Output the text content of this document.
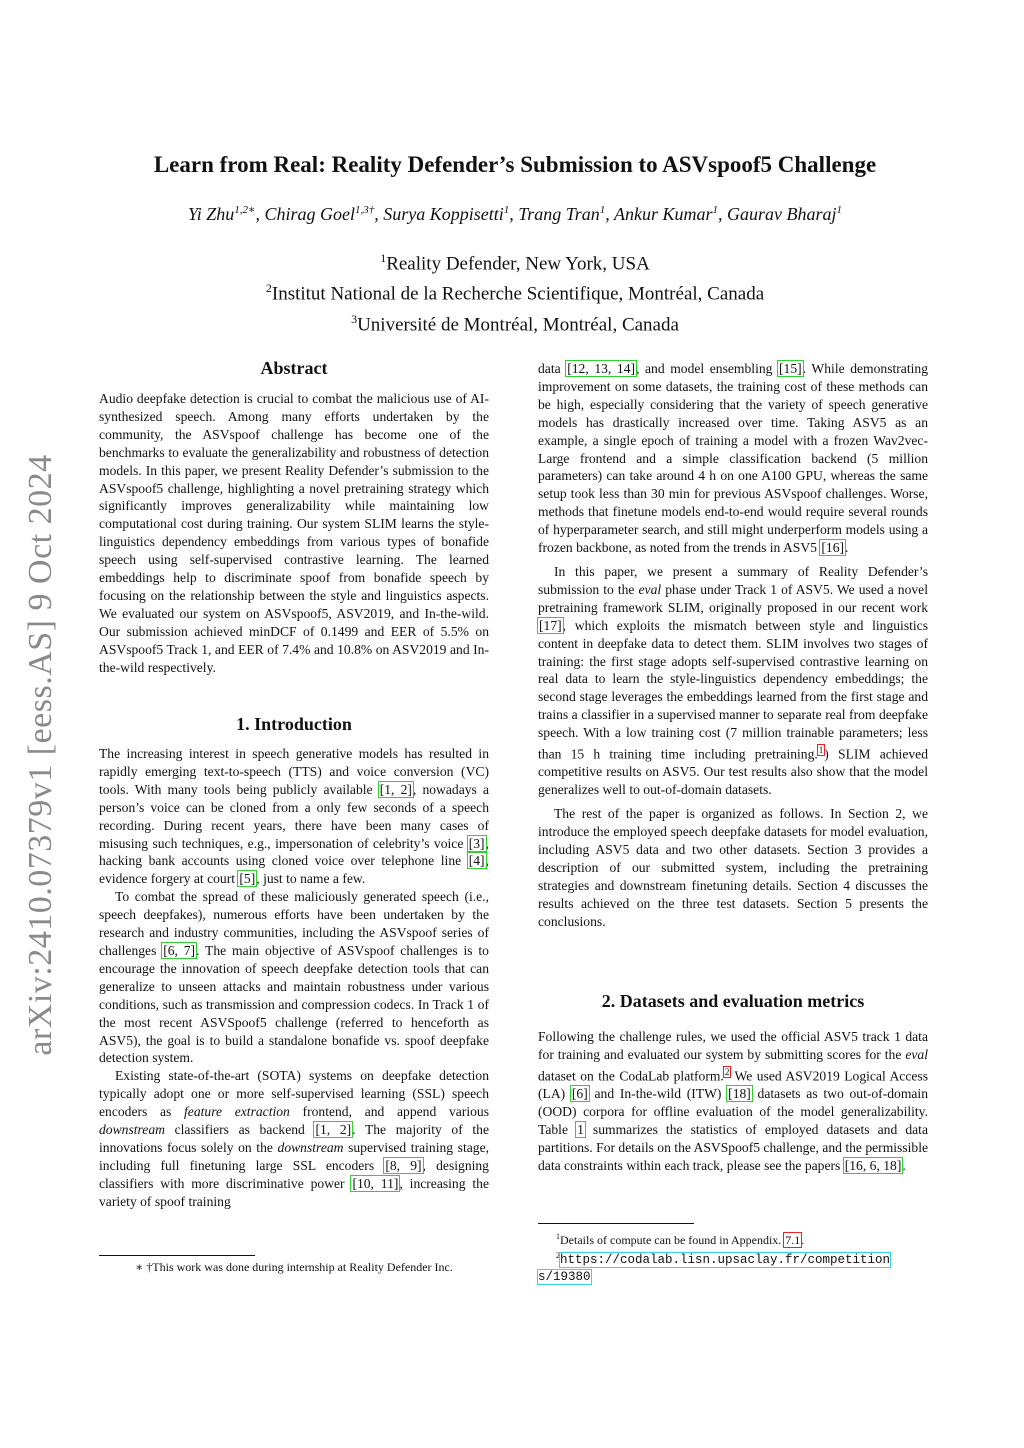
arXiv:2410.07379v1 [eess.AS] 9 Oct 2024
Learn from Real: Reality Defender’s Submission to ASVspoof5 Challenge
Yi Zhu$^{1,2∗}$, Chirag Goel$^{1,3\dagger}$, Surya Koppisetti$^1$, Trang Tran$^1$, Ankur Kumar$^1$, Gaurav Bharaj$^1$
$^1$Reality Defender, New York, USA
$^2$Institut National de la Recherche Scientifique, Montréal, Canada
$^3$Université de Montréal, Montréal, Canada
Abstract

Audio deepfake detection is crucial to combat the malicious use of AI-synthesized speech. Among many efforts undertaken by the community, the ASVspoof challenge has become one of the benchmarks to evaluate the generalizability and robustness of detection models. In this paper, we present Reality Defender’s submission to the ASVspoof5 challenge, highlighting a novel pretraining strategy which significantly improves generalizability while maintaining low computational cost during training. Our system SLIM learns the style-linguistics dependency embeddings from various types of bonafide speech using self-supervised contrastive learning. The learned embeddings help to discriminate spoof from bonafide speech by focusing on the relationship between the style and linguistics aspects. We evaluated our system on ASVspoof5, ASV2019, and In-the-wild. Our submission achieved minDCF of 0.1499 and EER of 5.5% on ASVspoof5 Track 1, and EER of 7.4% and 10.8% on ASV2019 and In-the-wild respectively.

1. Introduction

The increasing interest in speech generative models has resulted in rapidly emerging text-to-speech (TTS) and voice conversion (VC) tools. With many tools being publicly available [1, 2], nowadays a person’s voice can be cloned from a only few seconds of a speech recording. During recent years, there have been many cases of misusing such techniques, e.g., impersonation of celebrity’s voice [3], hacking bank accounts using cloned voice over telephone line [4], evidence forgery at court [5], just to name a few.

To combat the spread of these maliciously generated speech (i.e., speech deepfakes), numerous efforts have been undertaken by the research and industry communities, including the ASVspoof series of challenges [6, 7]. The main objective of ASVspoof challenges is to encourage the innovation of speech deepfake detection tools that can generalize to unseen attacks and maintain robustness under various conditions, such as transmission and compression codecs. In Track 1 of the most recent ASVSpoof5 challenge (referred to henceforth as ASV5), the goal is to build a standalone bonafide vs. spoof deepfake detection system.

Existing state-of-the-art (SOTA) systems on deepfake detection typically adopt one or more self-supervised learning (SSL) speech encoders as feature extraction frontend, and append various downstream classifiers as backend [1, 2]. The majority of the innovations focus solely on the downstream supervised training stage, including full finetuning large SSL encoders [8, 9], designing classifiers with more discriminative power [10, 11], increasing the variety of spoof training

∗ †This work was done during internship at Reality Defender Inc.

data [12, 13, 14], and model ensembling [15]. While demonstrating improvement on some datasets, the training cost of these methods can be high, especially considering that the variety of speech generative models has drastically increased over time. Taking ASV5 as an example, a single epoch of training a model with a frozen Wav2vec-Large frontend and a simple classification backend (5 million parameters) can take around 4 h on one A100 GPU, whereas the same setup took less than 30 min for previous ASVspoof challenges. Worse, methods that finetune models end-to-end would require several rounds of hyperparameter search, and still might underperform models using a frozen backbone, as noted from the trends in ASV5 [16].

In this paper, we present a summary of Reality Defender’s submission to the eval phase under Track 1 of ASV5. We used a novel pretraining framework SLIM, originally proposed in our recent work [17], which exploits the mismatch between style and linguistics content in deepfake data to detect them. SLIM involves two stages of training: the first stage adopts self-supervised contrastive learning on real data to learn the style-linguistics dependency embeddings; the second stage leverages the embeddings learned from the first stage and trains a classifier in a supervised manner to separate real from deepfake speech. With a low training cost (7 million trainable parameters; less than 15 h training time including pretraining.$^1$) SLIM achieved competitive results on ASV5. Our test results also show that the model generalizes well to out-of-domain datasets.

The rest of the paper is organized as follows. In Section 2, we introduce the employed speech deepfake datasets for model evaluation, including ASV5 data and two other datasets. Section 3 provides a description of our submitted system, including the pretraining strategies and downstream finetuning details. Section 4 discusses the results achieved on the three test datasets. Section 5 presents the conclusions.

2. Datasets and evaluation metrics

Following the challenge rules, we used the official ASV5 track 1 data for training and evaluated our system by submitting scores for the eval dataset on the CodaLab platform.$^2$ We used ASV2019 Logical Access (LA) [6] and In-the-wild (ITW) [18] datasets as two out-of-domain (OOD) corpora for offline evaluation of the model generalizability. Table 1 summarizes the statistics of employed datasets and data partitions. For details on the ASVSpoof5 challenge, and the permissible data constraints within each track, please see the papers [16, 6, 18].

$^1$Details of compute can be found in Appendix. 7.1.
$^2$https://codalab.lisn.upsaclay.fr/competition
s/19380
